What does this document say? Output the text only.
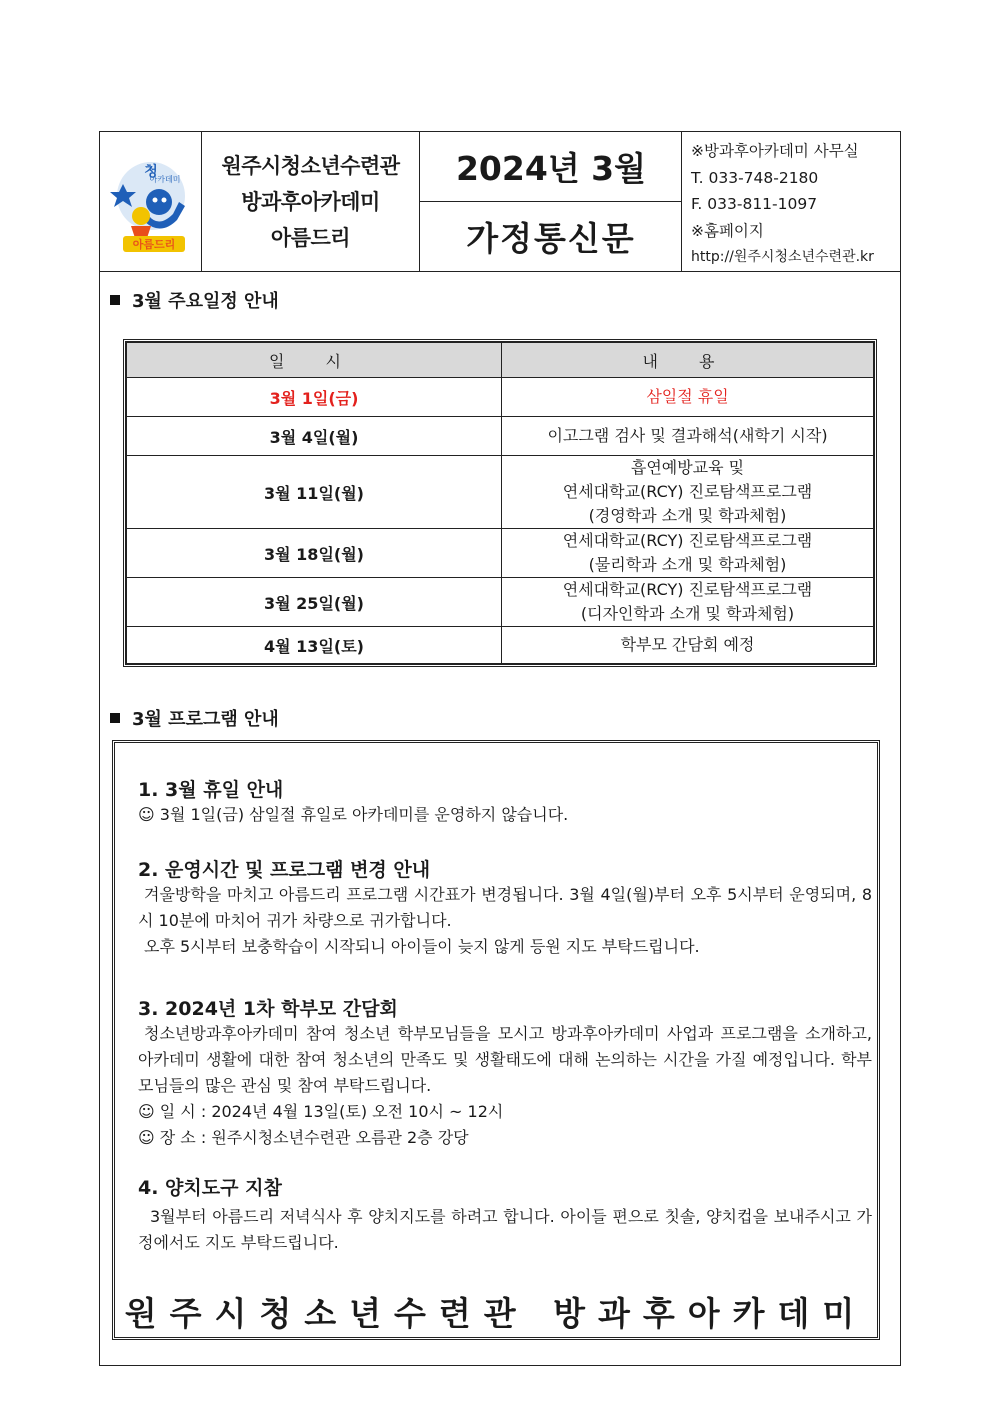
청
아카데미
아름드리
원주시청소년수련관
방과후아카데미
아름드리
2024년 3월
가정통신문
※방과후아카데미 사무실
T. 033-748-2180
F. 033-811-1097
※홈페이지
http://원주시청소년수련관.kr
3월 주요일정 안내
일 시	내 용
3월 1일(금)	삼일절 휴일
3월 4일(월)	이고그램 검사 및 결과해석(새학기 시작)
3월 11일(월)	흡연예방교육 및
연세대학교(RCY) 진로탐색프로그램
(경영학과 소개 및 학과체험)

3월 18일(월)	연세대학교(RCY) 진로탐색프로그램
(물리학과 소개 및 학과체험)

3월 25일(월)	연세대학교(RCY) 진로탐색프로그램
(디자인학과 소개 및 학과체험)

4월 13일(토)	학부모 간담회 예정
3월 프로그램 안내
1. 3월 휴일 안내

☺ 3월 1일(금) 삼일절 휴일로 아카데미를 운영하지 않습니다.

2. 운영시간 및 프로그램 변경 안내

겨울방학을 마치고 아름드리 프로그램 시간표가 변경됩니다. 3월 4일(월)부터 오후 5시부터 운영되며, 8시 10분에 마치어 귀가 차량으로 귀가합니다.

오후 5시부터 보충학습이 시작되니 아이들이 늦지 않게 등원 지도 부탁드립니다.

3. 2024년 1차 학부모 간담회

청소년방과후아카데미 참여 청소년 학부모님들을 모시고 방과후아카데미 사업과 프로그램을 소개하고, 아카데미 생활에 대한 참여 청소년의 만족도 및 생활태도에 대해 논의하는 시간을 가질 예정입니다. 학부모님들의 많은 관심 및 참여 부탁드립니다.

☺ 일 시 : 2024년 4월 13일(토) 오전 10시 ~ 12시

☺ 장 소 : 원주시청소년수련관 오름관 2층 강당

4. 양치도구 지참

3월부터 아름드리 저녁식사 후 양치지도를 하려고 합니다. 아이들 편으로 칫솔, 양치컵을 보내주시고 가정에서도 지도 부탁드립니다.

원주시청소년수련관 방과후아카데미
